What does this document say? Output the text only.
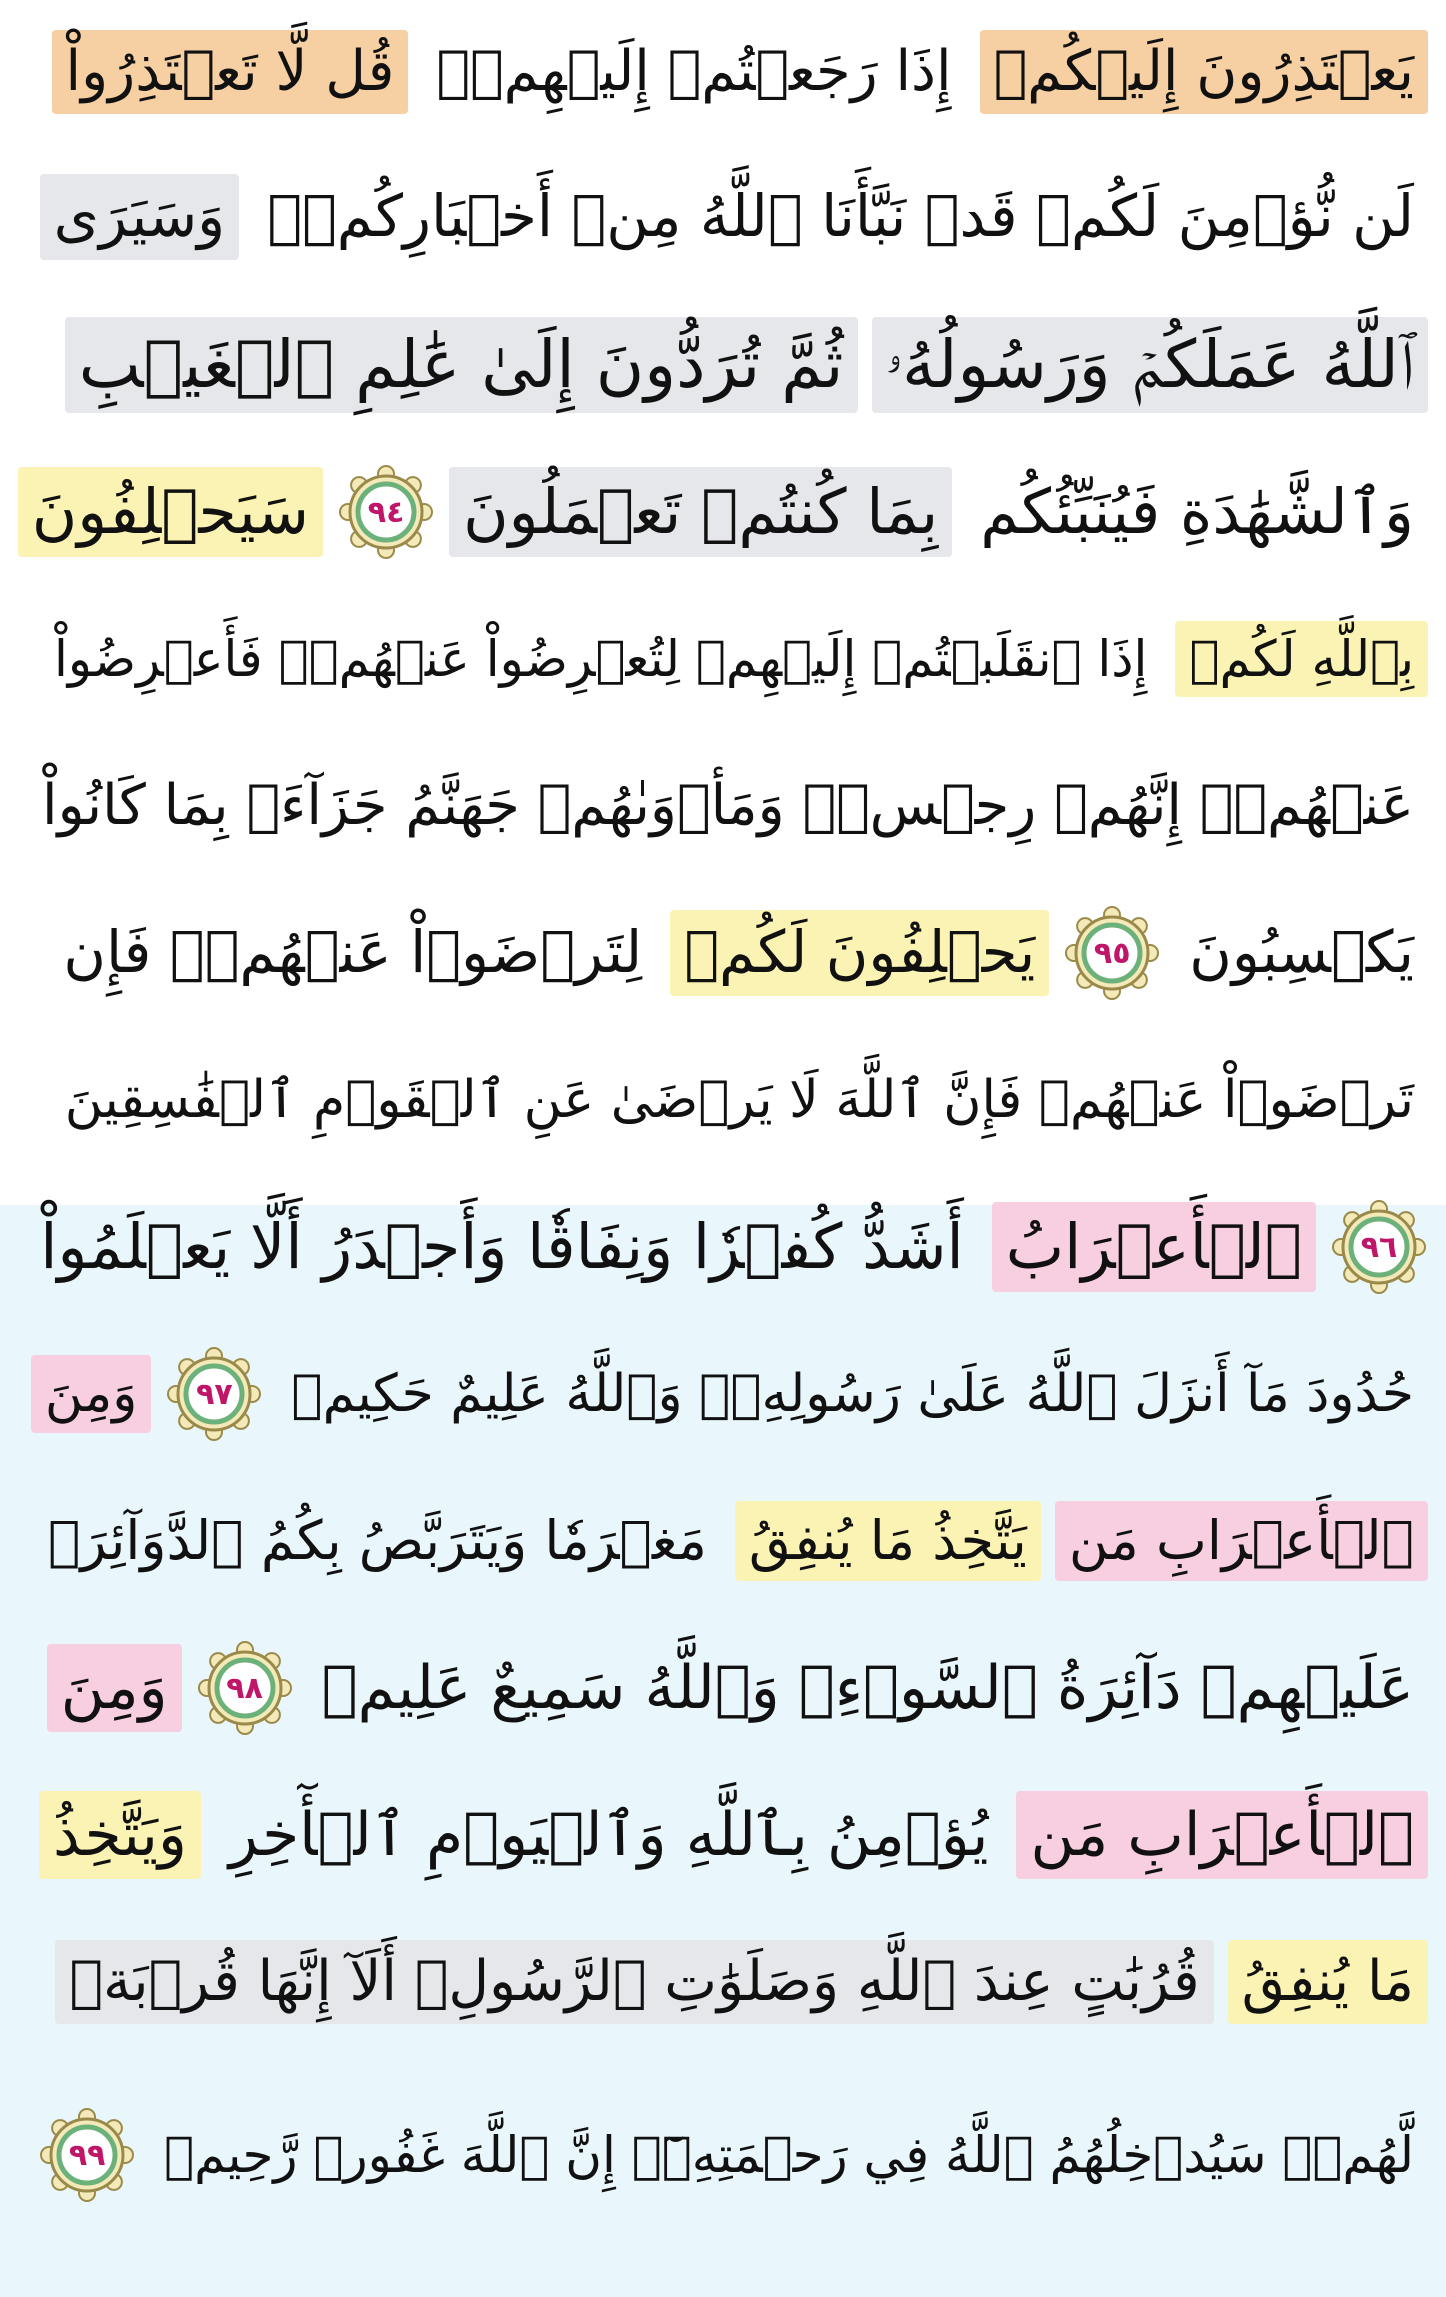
يَعۡتَذِرُونَ إِلَيۡكُمۡ
إِذَا رَجَعۡتُمۡ إِلَيۡهِمۡۚ
قُل لَّا تَعۡتَذِرُواْ
لَن نُّؤۡمِنَ لَكُمۡ قَدۡ نَبَّأَنَا ٱللَّهُ مِنۡ أَخۡبَارِكُمۡۚ
وَسَيَرَى
ٱللَّهُ عَمَلَكُمۡ وَرَسُولُهُۥ
ثُمَّ تُرَدُّونَ إِلَىٰ عَٰلِمِ ٱلۡغَيۡبِ
وَٱلشَّهَٰدَةِ فَيُنَبِّئُكُم
بِمَا كُنتُمۡ تَعۡمَلُونَ
٩٤
سَيَحۡلِفُونَ
بِٱللَّهِ لَكُمۡ
إِذَا ٱنقَلَبۡتُمۡ إِلَيۡهِمۡ لِتُعۡرِضُواْ عَنۡهُمۡۖ فَأَعۡرِضُواْ
عَنۡهُمۡۖ إِنَّهُمۡ رِجۡسٞۖ وَمَأۡوَىٰهُمۡ جَهَنَّمُ جَزَآءَۢ بِمَا كَانُواْ
يَكۡسِبُونَ
٩٥
يَحۡلِفُونَ لَكُمۡ
لِتَرۡضَوۡاْ عَنۡهُمۡۖ فَإِن
تَرۡضَوۡاْ عَنۡهُمۡ فَإِنَّ ٱللَّهَ لَا يَرۡضَىٰ عَنِ ٱلۡقَوۡمِ ٱلۡفَٰسِقِينَ
٩٦
ٱلۡأَعۡرَابُ
أَشَدُّ كُفۡرٗا وَنِفَاقٗا وَأَجۡدَرُ أَلَّا يَعۡلَمُواْ
حُدُودَ مَآ أَنزَلَ ٱللَّهُ عَلَىٰ رَسُولِهِۦۗ وَٱللَّهُ عَلِيمٌ حَكِيمٞ
٩٧
وَمِنَ
ٱلۡأَعۡرَابِ مَن
يَتَّخِذُ مَا يُنفِقُ
مَغۡرَمٗا وَيَتَرَبَّصُ بِكُمُ ٱلدَّوَآئِرَۚ
عَلَيۡهِمۡ دَآئِرَةُ ٱلسَّوۡءِۗ وَٱللَّهُ سَمِيعٌ عَلِيمٞ
٩٨
وَمِنَ
ٱلۡأَعۡرَابِ مَن
يُؤۡمِنُ بِٱللَّهِ وَٱلۡيَوۡمِ ٱلۡأٓخِرِ
وَيَتَّخِذُ
مَا يُنفِقُ
قُرُبَٰتٍ عِندَ ٱللَّهِ وَصَلَوَٰتِ ٱلرَّسُولِۚ أَلَآ إِنَّهَا قُرۡبَةٞ
لَّهُمۡۚ سَيُدۡخِلُهُمُ ٱللَّهُ فِي رَحۡمَتِهِۦٓۚ إِنَّ ٱللَّهَ غَفُورٞ رَّحِيمٞ
٩٩
